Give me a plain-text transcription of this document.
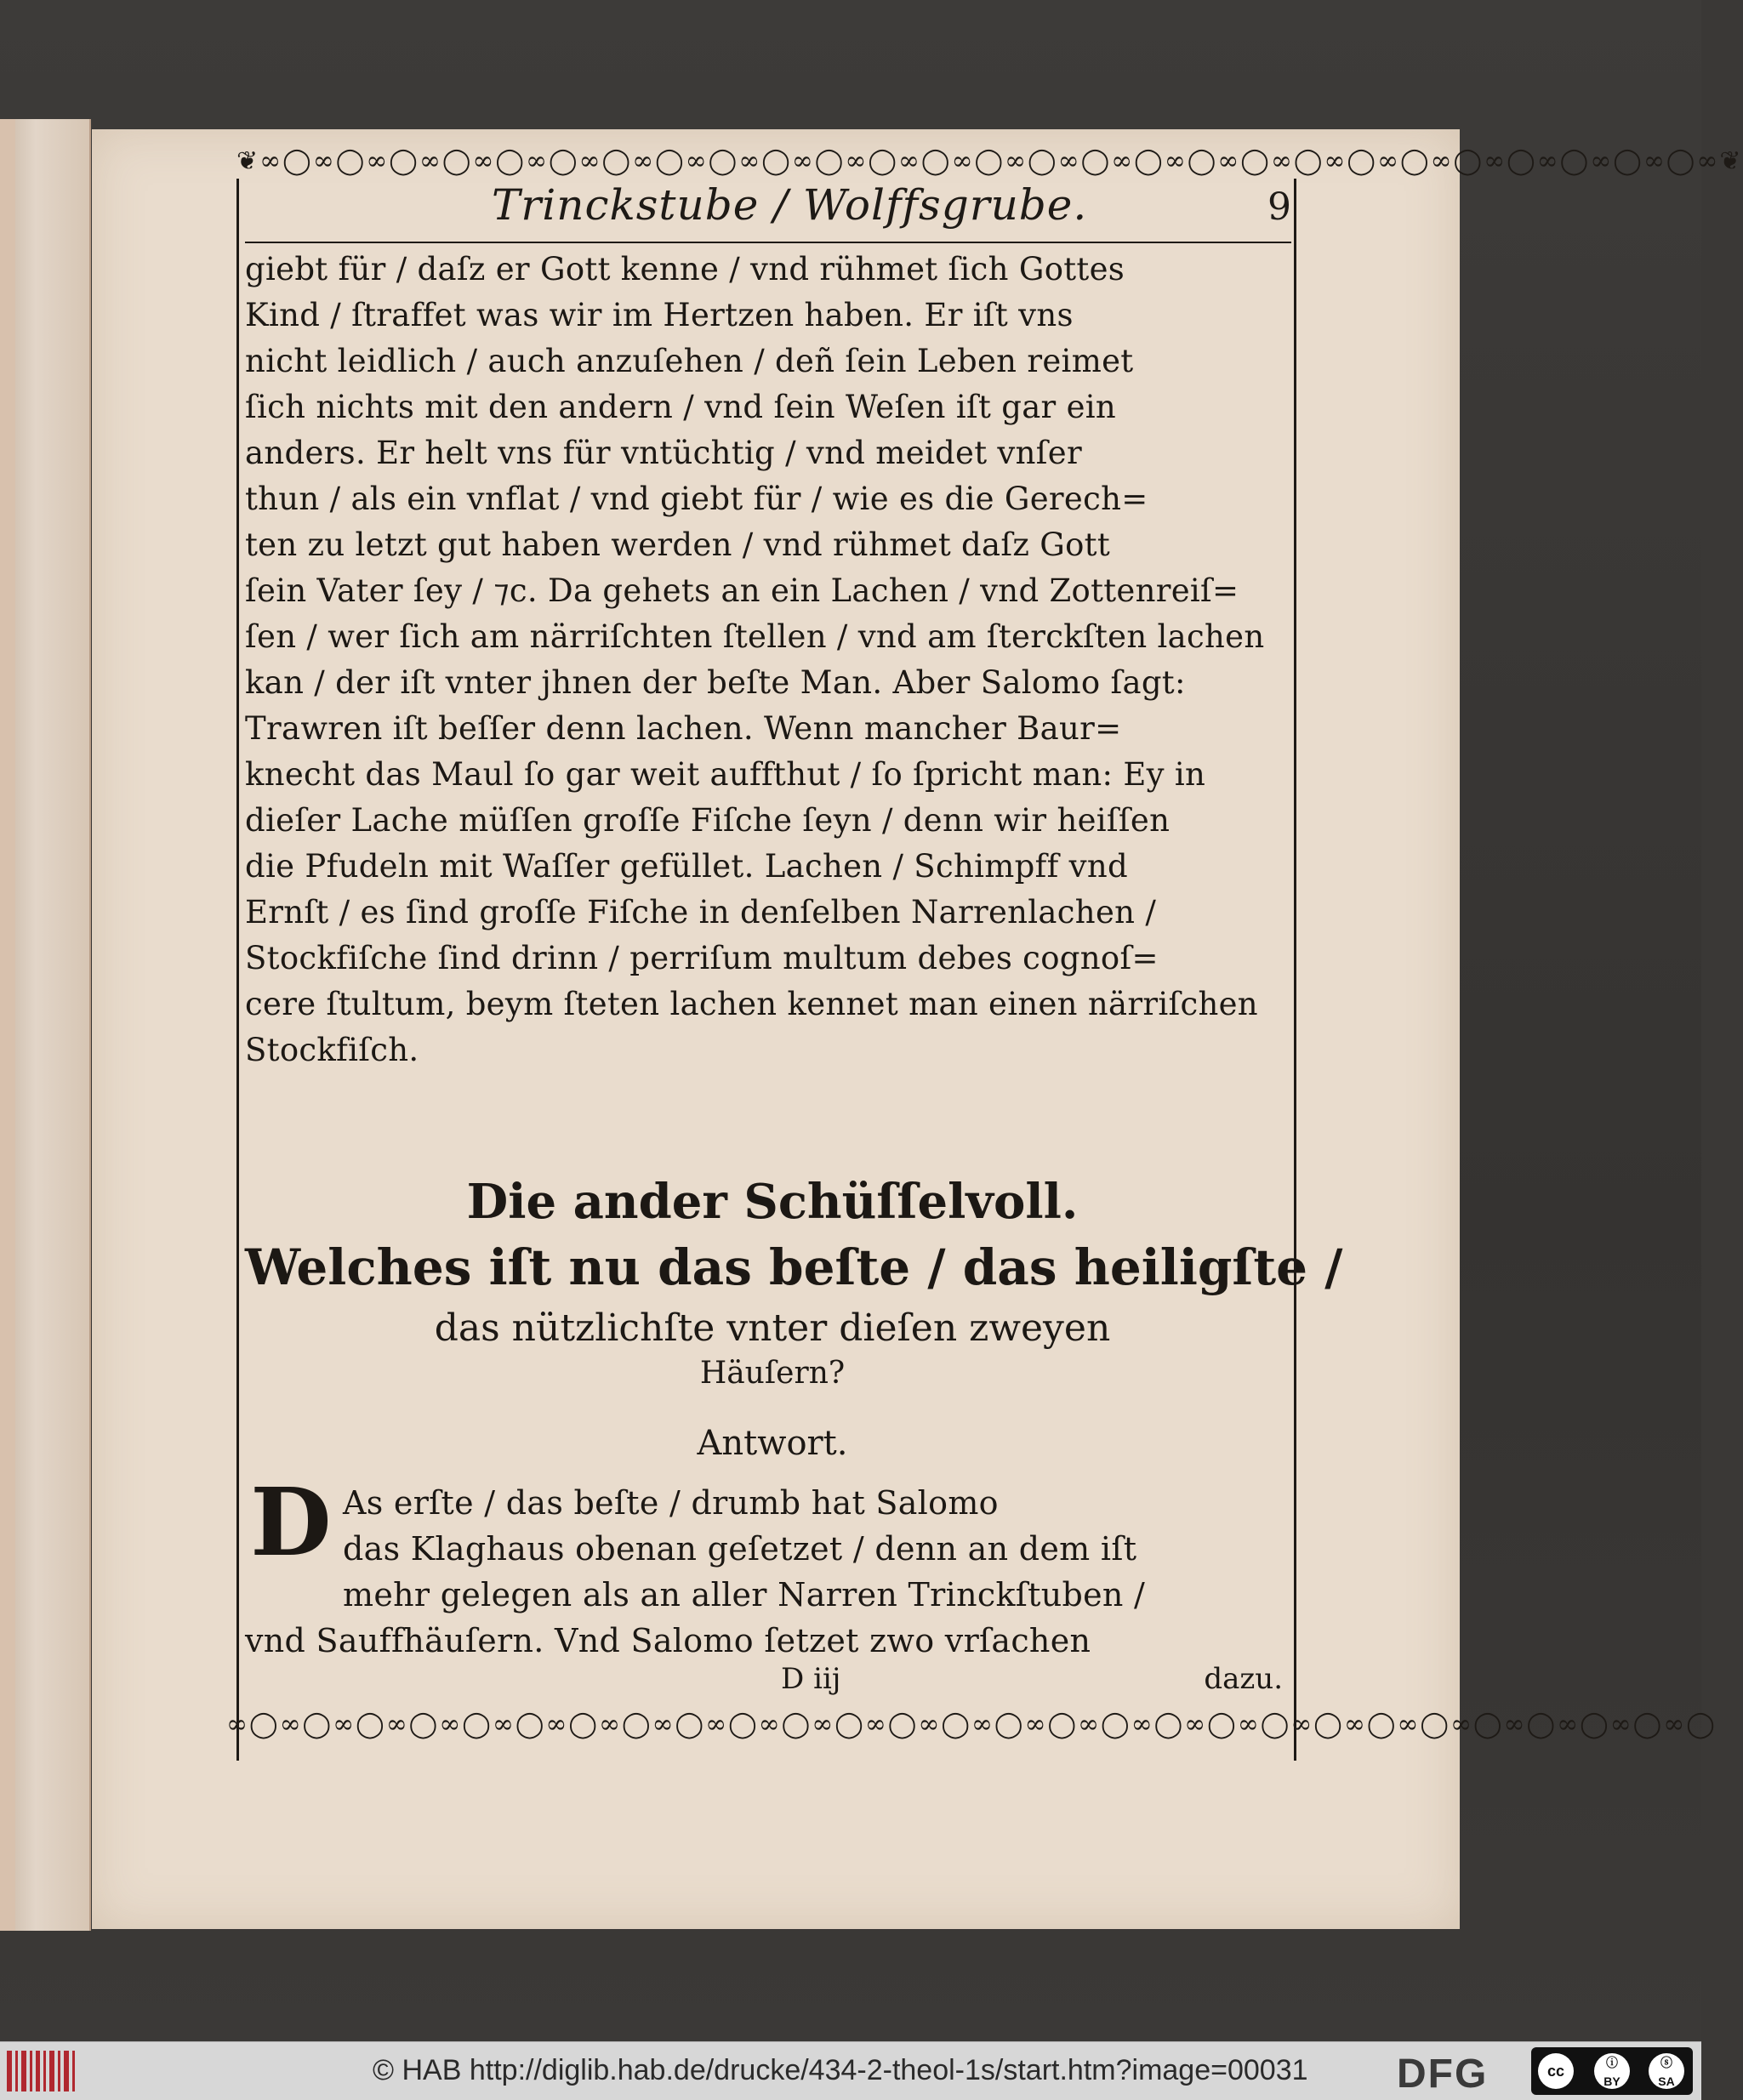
❦∞◯∞◯∞◯∞◯∞◯∞◯∞◯∞◯∞◯∞◯∞◯∞◯∞◯∞◯∞◯∞◯∞◯∞◯∞◯∞◯∞◯∞◯∞◯∞◯∞◯∞◯∞◯∞❦
Trinckstube / Wolffsgrube.	9
giebt für / daſz er Gott kenne / vnd rühmet ſich Gottes
Kind / ſtraffet was wir im Hertzen haben. Er iſt vns
nicht leidlich / auch anzuſehen / deñ ſein Leben reimet
ſich nichts mit den andern / vnd ſein Weſen iſt gar ein
anders. Er helt vns für vntüchtig / vnd meidet vnſer
thun / als ein vnflat / vnd giebt für / wie es die Gerech=
ten zu letzt gut haben werden / vnd rühmet daſz Gott
ſein Vater ſey / ⁊c. Da gehets an ein Lachen / vnd Zottenreiſ=
ſen / wer ſich am närriſchten ſtellen / vnd am ſterckſten lachen
kan / der iſt vnter jhnen der beſte Man. Aber Salomo ſagt:
Trawren iſt beſſer denn lachen. Wenn mancher Baur=
knecht das Maul ſo gar weit auffthut / ſo ſpricht man: Ey in
dieſer Lache müſſen groſſe Fiſche ſeyn / denn wir heiſſen
die Pfudeln mit Waſſer gefüllet. Lachen / Schimpff vnd
Ernſt / es ſind groſſe Fiſche in denſelben Narrenlachen /
Stockfiſche ſind drinn / perriſum multum debes cognoſ=
cere ſtultum, beym ſteten lachen kennet man einen närriſchen
Stockfiſch.
Die ander Schüſſelvoll.
Welches iſt nu das beſte / das heiligſte /
das nützlichſte vnter dieſen zweyen
Häuſern?
Antwort.
D As erſte / das beſte / drumb hat Salomo
das Klaghaus obenan geſetzet / denn an dem iſt
mehr gelegen als an aller Narren Trinckſtuben /
vnd Sauffhäuſern. Vnd Salomo ſetzet zwo vrſachen
D iij	dazu.
∞◯∞◯∞◯∞◯∞◯∞◯∞◯∞◯∞◯∞◯∞◯∞◯∞◯∞◯∞◯∞◯∞◯∞◯∞◯∞◯∞◯∞◯∞◯∞◯∞◯∞◯∞◯∞◯
© HAB http://diglib.hab.de/drucke/434-2-theol-1s/start.htm?image=00031 DFG	cc	ⓘ
BY
ⓢ
SA
